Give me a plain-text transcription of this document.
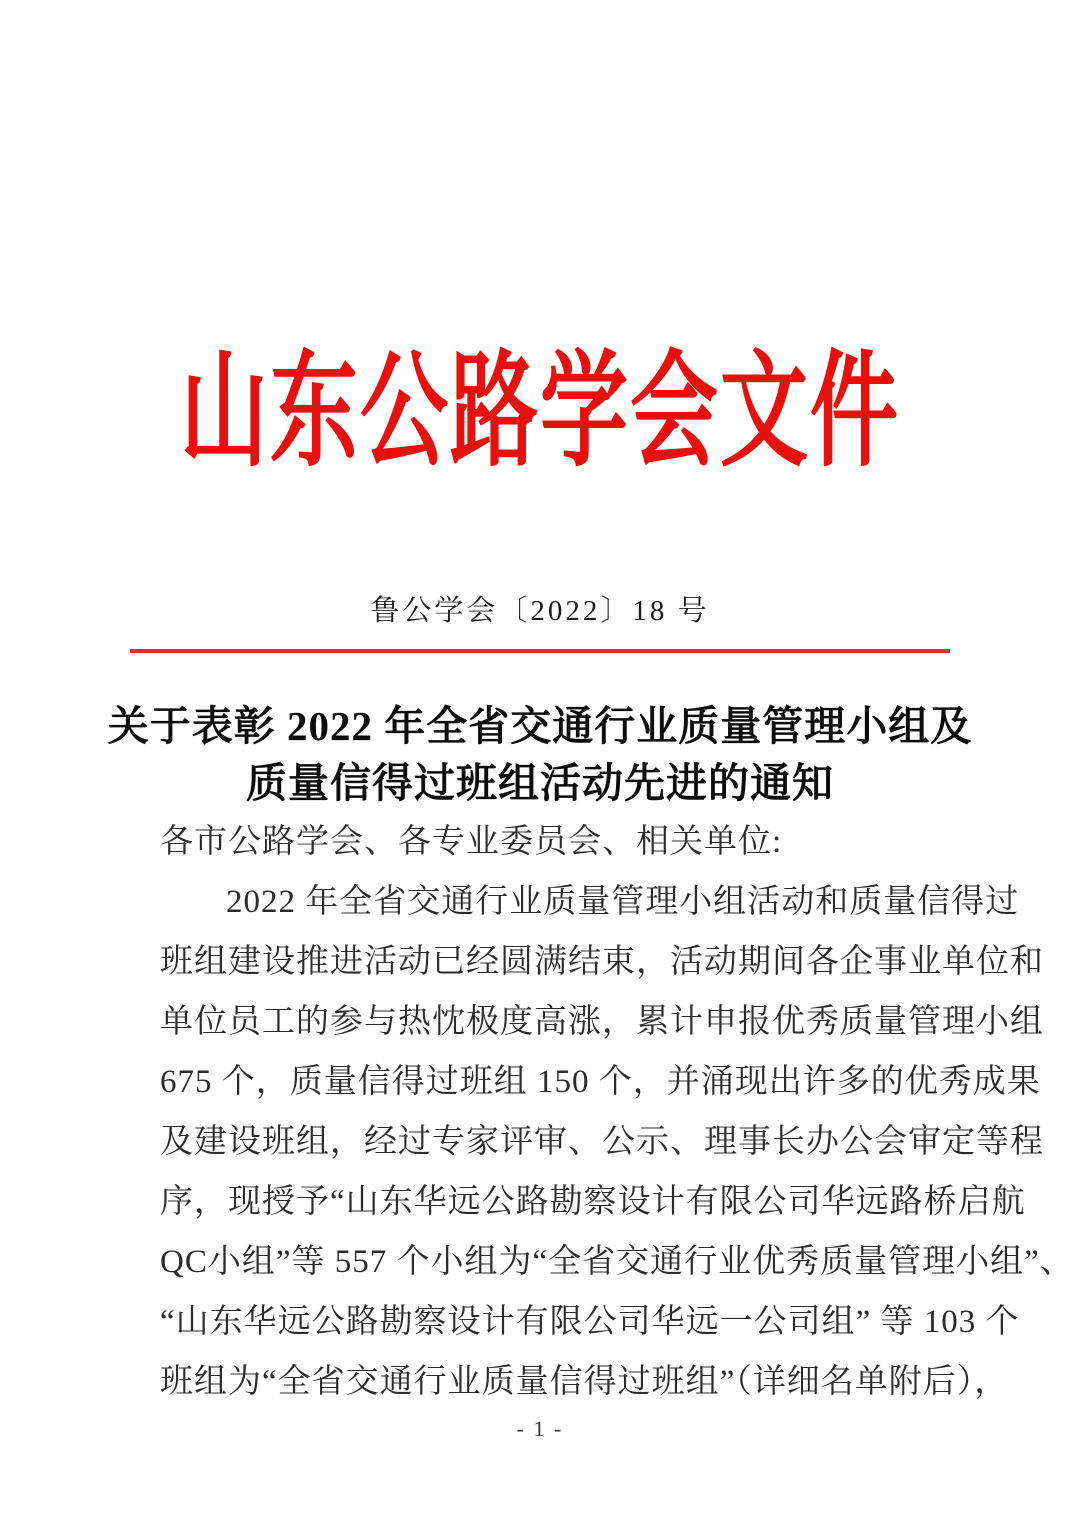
山东公路学会文件
鲁公学会〔2022〕18 号
关于表彰 2022 年全省交通行业质量管理小组及
质量信得过班组活动先进的通知
各市公路学会、各专业委员会、相关单位:
2022 年全省交通行业质量管理小组活动和质量信得过
班组建设推进活动已经圆满结束，活动期间各企事业单位和
单位员工的参与热忱极度高涨，累计申报优秀质量管理小组
675 个，质量信得过班组 150 个，并涌现出许多的优秀成果
及建设班组，经过专家评审、公示、理事长办公会审定等程
序，现授予“山东华远公路勘察设计有限公司华远路桥启航
QC小组”等 557 个小组为“全省交通行业优秀质量管理小组”、
“山东华远公路勘察设计有限公司华远一公司组” 等 103 个
班组为“全省交通行业质量信得过班组”（详细名单附后），
- 1 -
